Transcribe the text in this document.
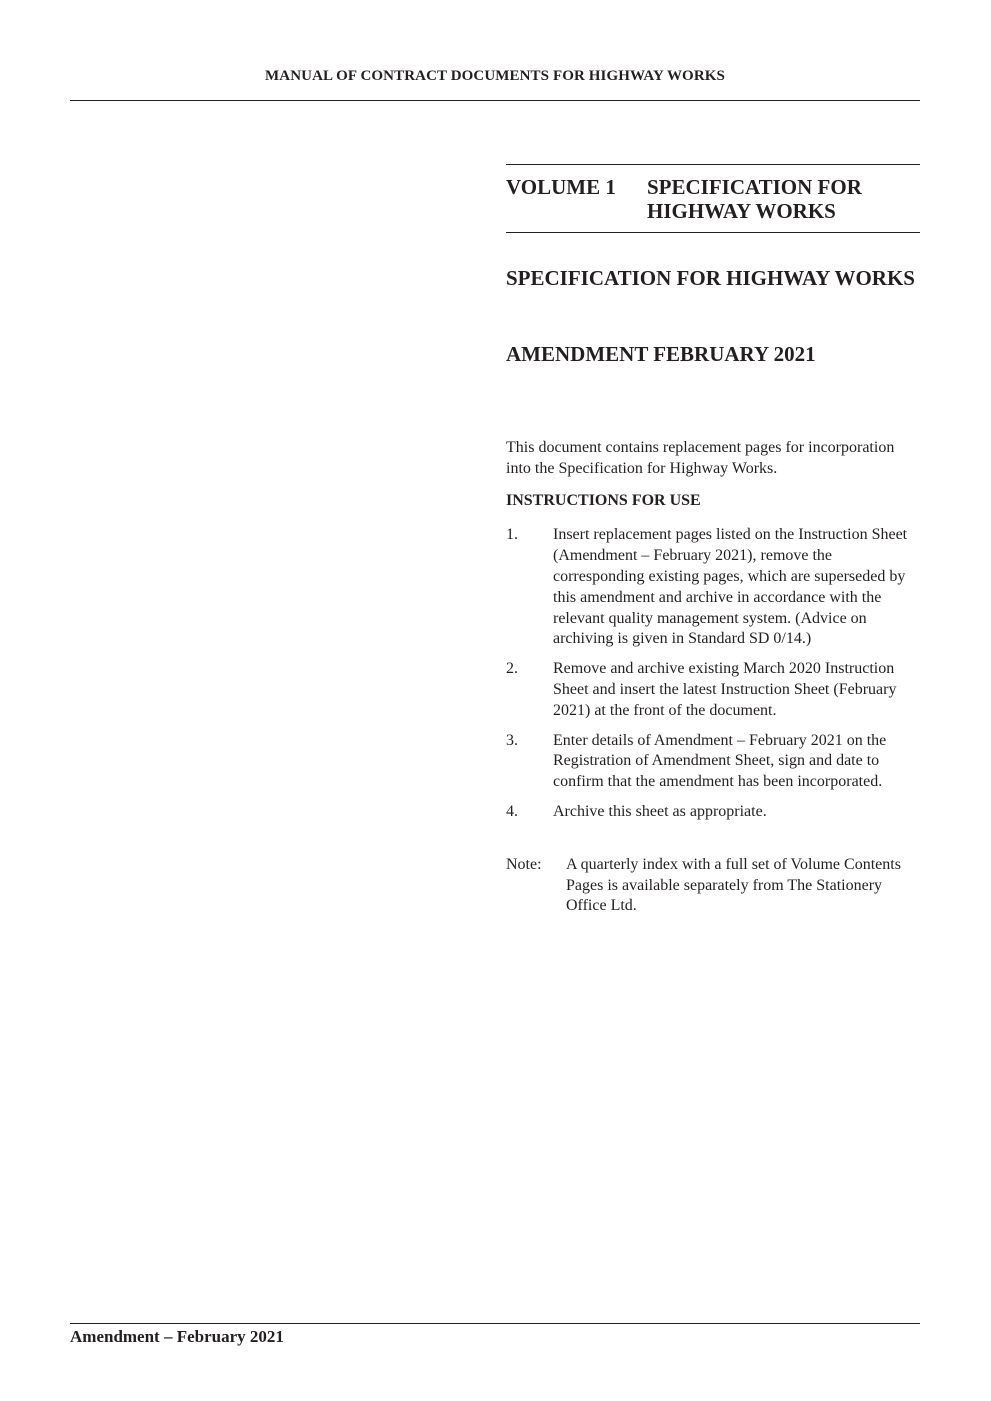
MANUAL OF CONTRACT DOCUMENTS FOR HIGHWAY WORKS
VOLUME 1 SPECIFICATION FOR
HIGHWAY WORKS
SPECIFICATION FOR HIGHWAY WORKS
AMENDMENT FEBRUARY 2021

This document contains replacement pages for incorporation into the Specification for Highway Works.

INSTRUCTIONS FOR USE

1.	Insert replacement pages listed on the Instruction Sheet (Amendment – February 2021), remove the corresponding existing pages, which are superseded by this amendment and archive in accordance with the relevant quality management system. (Advice on archiving is given in Standard SD 0/14.)
2.	Remove and archive existing March 2020 Instruction Sheet and insert the latest Instruction Sheet (February 2021) at the front of the document.
3.	Enter details of Amendment – February 2021 on the Registration of Amendment Sheet, sign and date to confirm that the amendment has been incorporated.
4.	Archive this sheet as appropriate.
Note:	A quarterly index with a full set of Volume Contents Pages is available separately from The Stationery Office Ltd.
Amendment – February 2021
